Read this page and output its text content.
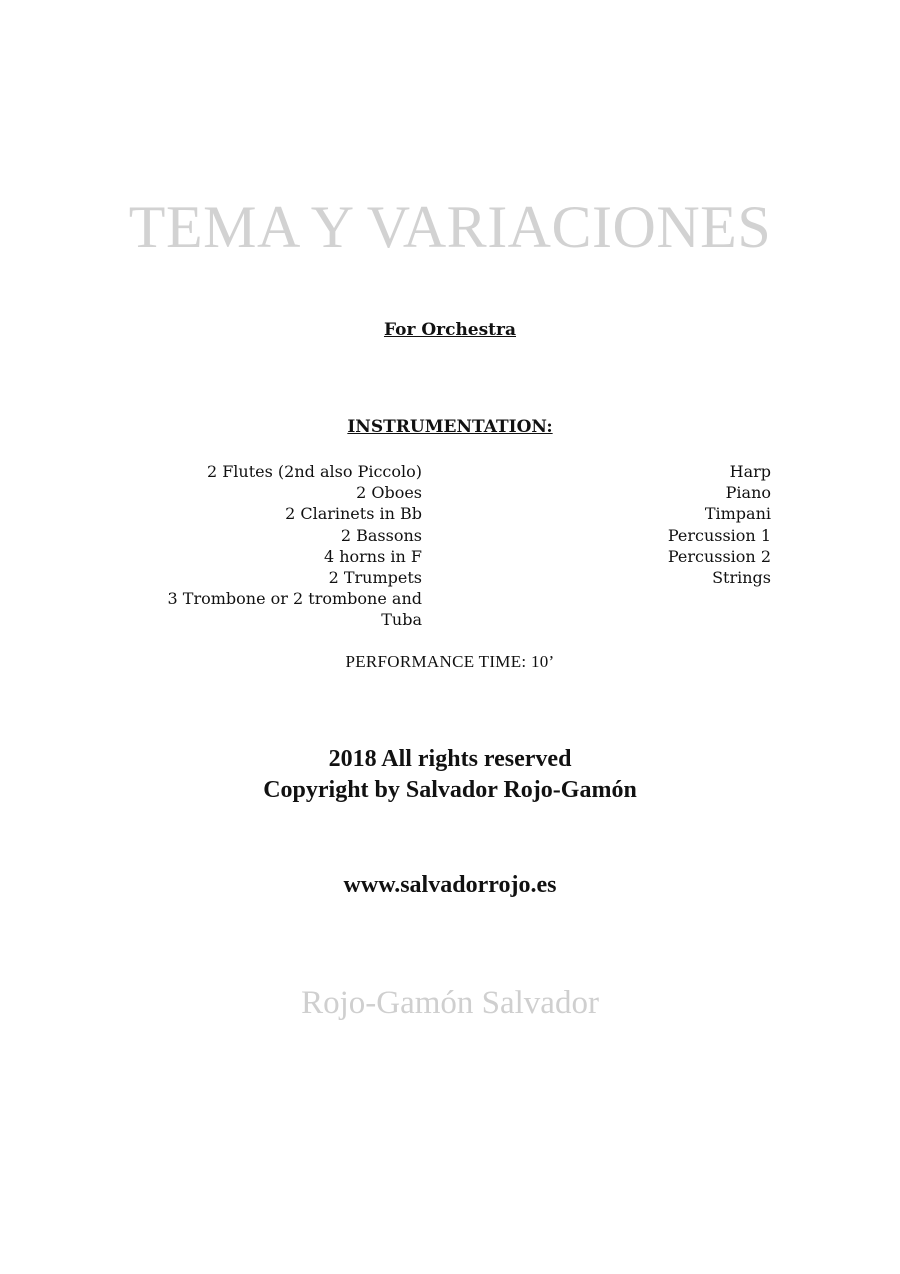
TEMA Y VARIACIONES
For Orchestra
INSTRUMENTATION:
2 Flutes (2nd also Piccolo)
2 Oboes
2 Clarinets in Bb
2 Bassons
4 horns in F
2 Trumpets
3 Trombone or 2 trombone and
Tuba
Harp
Piano
Timpani
Percussion 1
Percussion 2
Strings
PERFORMANCE TIME: 10’
2018 All rights reserved
Copyright by Salvador Rojo-Gamón
www.salvadorrojo.es
Rojo-Gamón Salvador
